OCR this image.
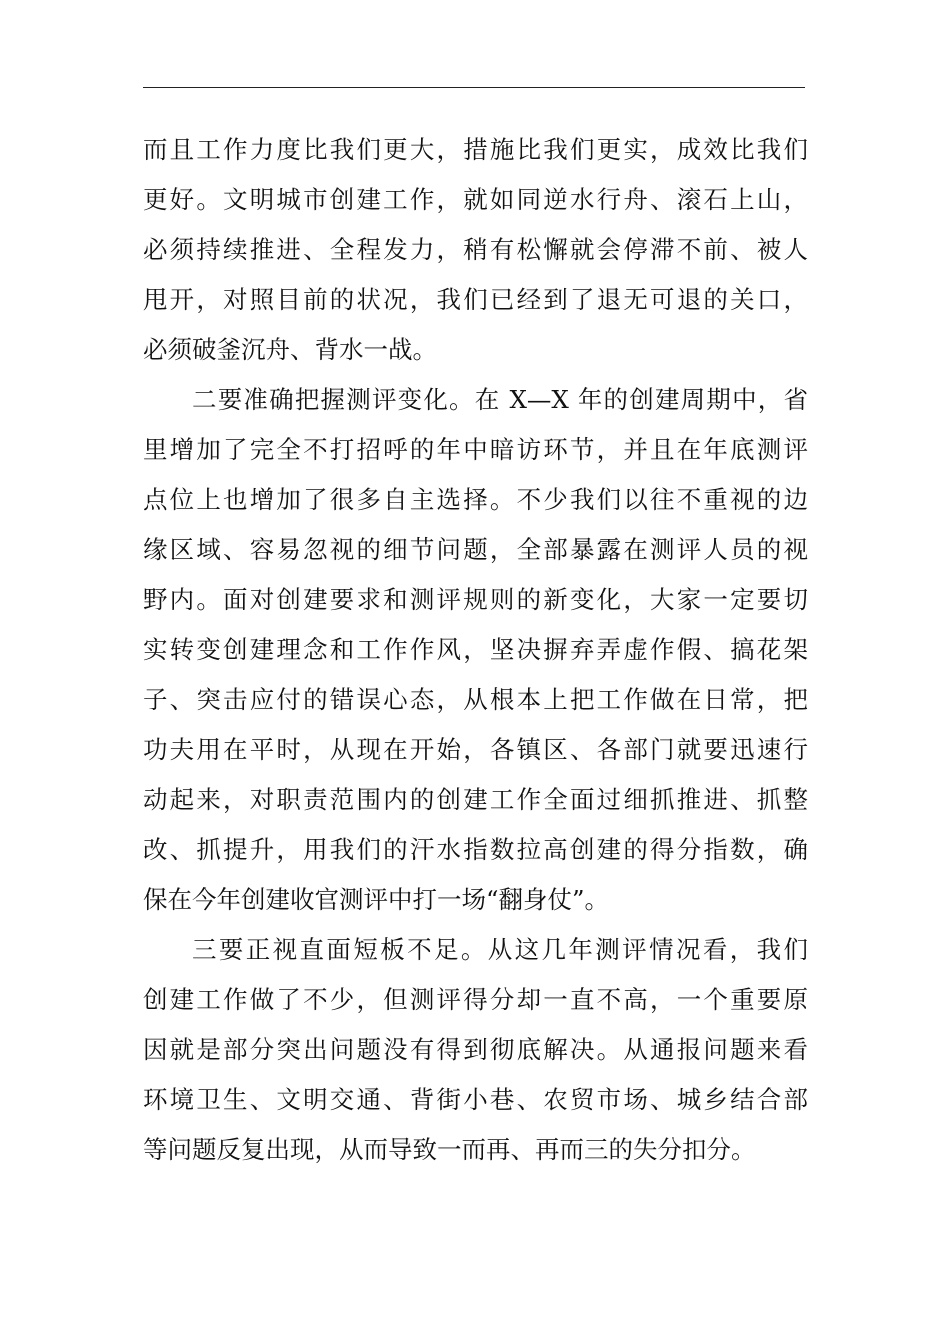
而且工作力度比我们更大，措施比我们更实，成效比我们
更好。文明城市创建工作，就如同逆水行舟、滚石上山，
必须持续推进、全程发力，稍有松懈就会停滞不前、被人
甩开，对照目前的状况，我们已经到了退无可退的关口，
必须破釜沉舟、背水一战。
二要准确把握测评变化。在 X—X 年的创建周期中，省
里增加了完全不打招呼的年中暗访环节，并且在年底测评
点位上也增加了很多自主选择。不少我们以往不重视的边
缘区域、容易忽视的细节问题，全部暴露在测评人员的视
野内。面对创建要求和测评规则的新变化，大家一定要切
实转变创建理念和工作作风，坚决摒弃弄虚作假、搞花架
子、突击应付的错误心态，从根本上把工作做在日常，把
功夫用在平时，从现在开始，各镇区、各部门就要迅速行
动起来，对职责范围内的创建工作全面过细抓推进、抓整
改、抓提升，用我们的汗水指数拉高创建的得分指数，确
保在今年创建收官测评中打一场“翻身仗”。
三要正视直面短板不足。从这几年测评情况看，我们
创建工作做了不少，但测评得分却一直不高，一个重要原
因就是部分突出问题没有得到彻底解决。从通报问题来看
环境卫生、文明交通、背街小巷、农贸市场、城乡结合部
等问题反复出现，从而导致一而再、再而三的失分扣分。
